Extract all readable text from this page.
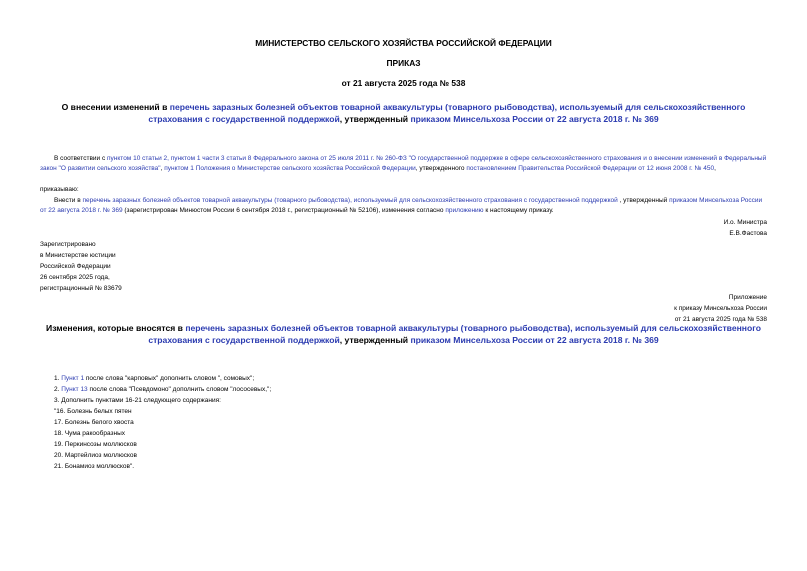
МИНИСТЕРСТВО СЕЛЬСКОГО ХОЗЯЙСТВА РОССИЙСКОЙ ФЕДЕРАЦИИ
ПРИКАЗ
от 21 августа 2025 года № 538
О внесении изменений в перечень заразных болезней объектов товарной аквакультуры (товарного рыбоводства), используемый для сельскохозяйственного страхования с государственной поддержкой, утвержденный приказом Минсельхоза России от 22 августа 2018 г. № 369
В соответствии с пунктом 10 статьи 2, пунктом 1 части 3 статьи 8 Федерального закона от 25 июля 2011 г. № 260-ФЗ "О государственной поддержке в сфере сельскохозяйственного страхования и о внесении изменений в Федеральный закон "О развитии сельского хозяйства", пунктом 1 Положения о Министерстве сельского хозяйства Российской Федерации, утвержденного постановлением Правительства Российской Федерации от 12 июня 2008 г. № 450,
приказываю:
Внести в перечень заразных болезней объектов товарной аквакультуры (товарного рыбоводства), используемый для сельскохозяйственного страхования с государственной поддержкой , утвержденный приказом Минсельхоза России от 22 августа 2018 г. № 369 (зарегистрирован Минюстом России 6 сентября 2018 г., регистрационный № 52106), изменения согласно приложению к настоящему приказу.
И.о. Министра
Е.В.Фастова
Зарегистрировано
в Министерстве юстиции
Российской Федерации
26 сентября 2025 года,
регистрационный № 83679
Приложение
к приказу Минсельхоза России
от 21 августа 2025 года № 538
Изменения, которые вносятся в перечень заразных болезней объектов товарной аквакультуры (товарного рыбоводства), используемый для сельскохозяйственного страхования с государственной поддержкой, утвержденный приказом Минсельхоза России от 22 августа 2018 г. № 369
1. Пункт 1 после слова "карповых" дополнить словом ", сомовых";
2. Пункт 13 после слова "Псевдомоно" дополнить словом "лососевых,";
3. Дополнить пунктами 16-21 следующего содержания:
"16. Болезнь белых пятен
17. Болезнь белого хвоста
18. Чума ракообразных
19. Перкинсозы моллюсков
20. Мартейлиоз моллюсков
21. Бонамиоз моллюсков".
